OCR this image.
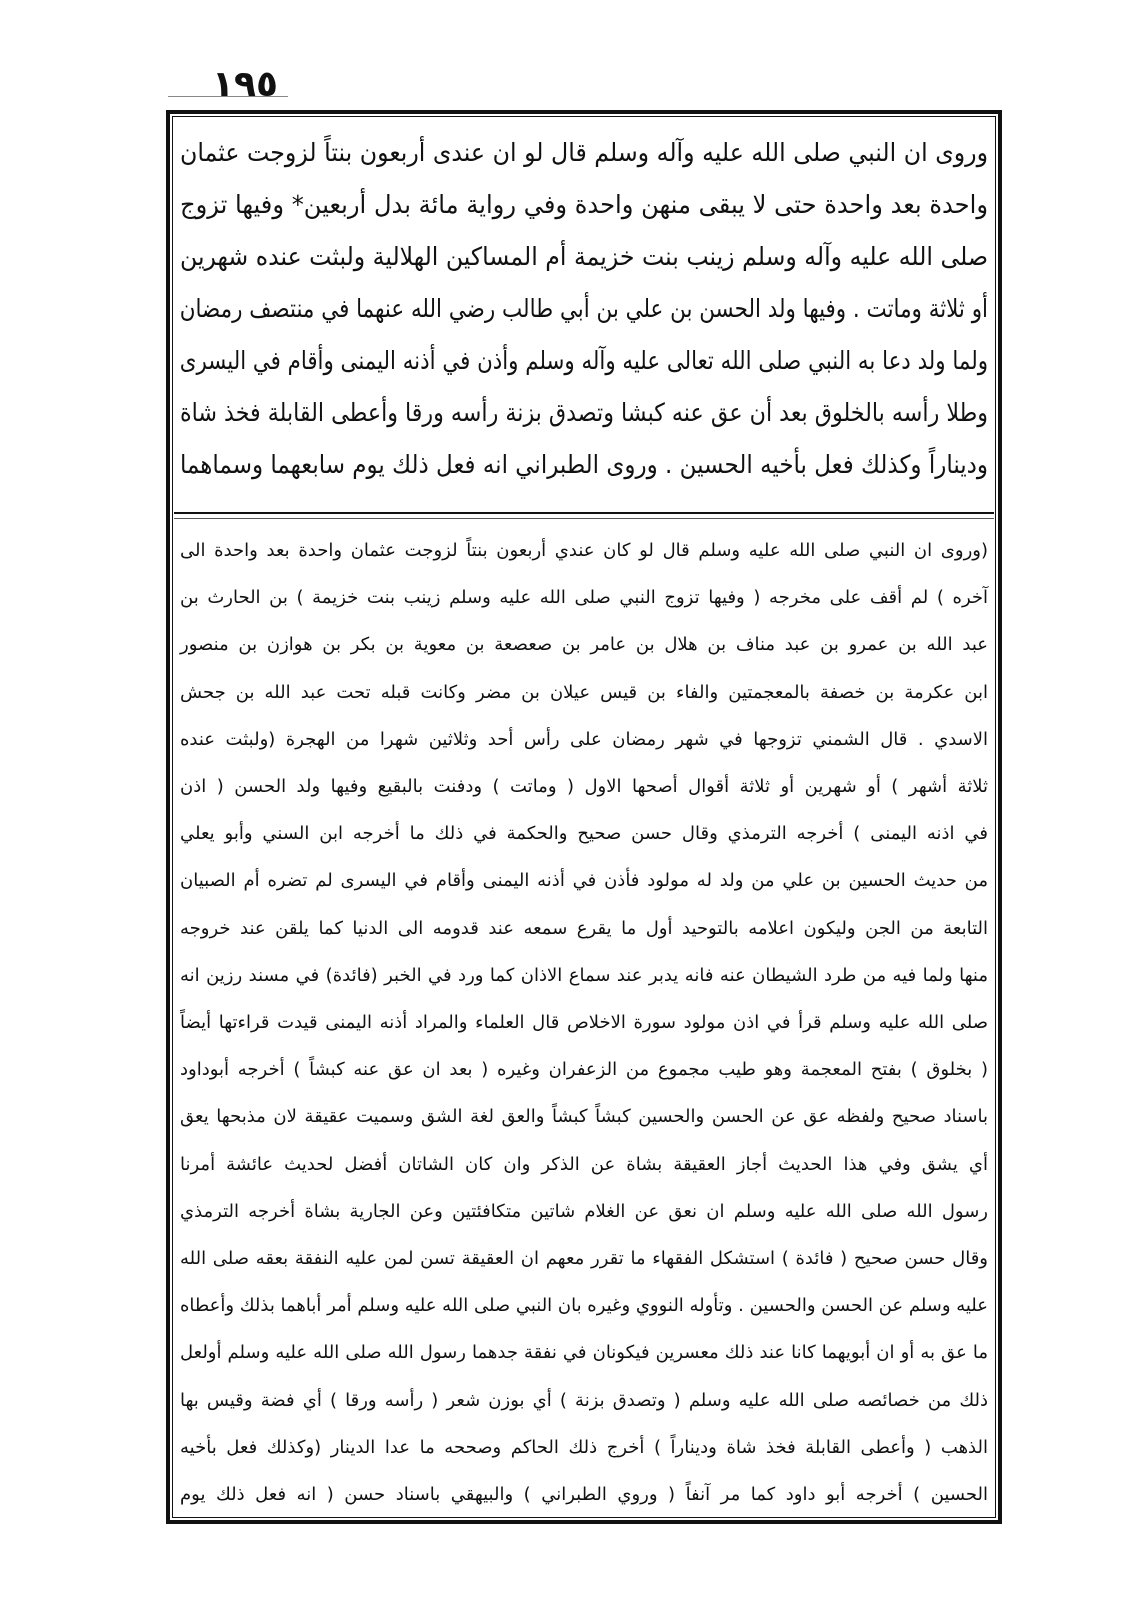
١٩٥
وروى ان النبي صلى الله عليه وآله وسلم قال لو ان عندى أربعون بنتاً لزوجت عثمان
واحدة بعد واحدة حتى لا يبقى منهن واحدة وفي رواية مائة بدل أربعين* وفيها تزوج
صلى الله عليه وآله وسلم زينب بنت خزيمة أم المساكين الهلالية ولبثت عنده شهرين
أو ثلاثة وماتت . وفيها ولد الحسن بن علي بن أبي طالب رضي الله عنهما في منتصف رمضان
ولما ولد دعا به النبي صلى الله تعالى عليه وآله وسلم وأذن في أذنه اليمنى وأقام في اليسرى
وطلا رأسه بالخلوق بعد أن عق عنه كبشا وتصدق بزنة رأسه ورقا وأعطى القابلة فخذ شاة
وديناراً وكذلك فعل بأخيه الحسين . وروى الطبراني انه فعل ذلك يوم سابعهما وسماهما
(وروى ان النبي صلى الله عليه وسلم قال لو كان عندي أربعون بنتاً لزوجت عثمان واحدة بعد واحدة الى
آخره ) لم أقف على مخرجه ( وفيها تزوج النبي صلى الله عليه وسلم زينب بنت خزيمة ) بن الحارث بن
عبد الله بن عمرو بن عبد مناف بن هلال بن عامر بن صعصعة بن معوية بن بكر بن هوازن بن منصور
ابن عكرمة بن خصفة بالمعجمتين والفاء بن قيس عيلان بن مضر وكانت قبله تحت عبد الله بن جحش
الاسدي . قال الشمني تزوجها في شهر رمضان على رأس أحد وثلاثين شهرا من الهجرة (ولبثت عنده
ثلاثة أشهر ) أو شهرين أو ثلاثة أقوال أصحها الاول ( وماتت ) ودفنت بالبقيع وفيها ولد الحسن ( اذن
في اذنه اليمنى ) أخرجه الترمذي وقال حسن صحيح والحكمة في ذلك ما أخرجه ابن السني وأبو يعلي
من حديث الحسين بن علي من ولد له مولود فأذن في أذنه اليمنى وأقام في اليسرى لم تضره أم الصبيان
التابعة من الجن وليكون اعلامه بالتوحيد أول ما يقرع سمعه عند قدومه الى الدنيا كما يلقن عند خروجه
منها ولما فيه من طرد الشيطان عنه فانه يدبر عند سماع الاذان كما ورد في الخبر (فائدة) في مسند رزين انه
صلى الله عليه وسلم قرأ في اذن مولود سورة الاخلاص قال العلماء والمراد أذنه اليمنى قيدت قراءتها أيضاً
( بخلوق ) بفتح المعجمة وهو طيب مجموع من الزعفران وغيره ( بعد ان عق عنه كبشاً ) أخرجه أبوداود
باسناد صحيح ولفظه عق عن الحسن والحسين كبشاً كبشاً والعق لغة الشق وسميت عقيقة لان مذبحها يعق
أي يشق وفي هذا الحديث أجاز العقيقة بشاة عن الذكر وان كان الشاتان أفضل لحديث عائشة أمرنا
رسول الله صلى الله عليه وسلم ان نعق عن الغلام شاتين متكافئتين وعن الجارية بشاة أخرجه الترمذي
وقال حسن صحيح ( فائدة ) استشكل الفقهاء ما تقرر معهم ان العقيقة تسن لمن عليه النفقة بعقه صلى الله
عليه وسلم عن الحسن والحسين . وتأوله النووي وغيره بان النبي صلى الله عليه وسلم أمر أباهما بذلك وأعطاه
ما عق به أو ان أبويهما كانا عند ذلك معسرين فيكونان في نفقة جدهما رسول الله صلى الله عليه وسلم أولعل
ذلك من خصائصه صلى الله عليه وسلم ( وتصدق بزنة ) أي بوزن شعر ( رأسه ورقا ) أي فضة وقيس بها
الذهب ( وأعطى القابلة فخذ شاة وديناراً ) أخرج ذلك الحاكم وصححه ما عدا الدينار (وكذلك فعل بأخيه
الحسين ) أخرجه أبو داود كما مر آنفاً ( وروي الطبراني ) والبيهقي باسناد حسن ( انه فعل ذلك يوم
